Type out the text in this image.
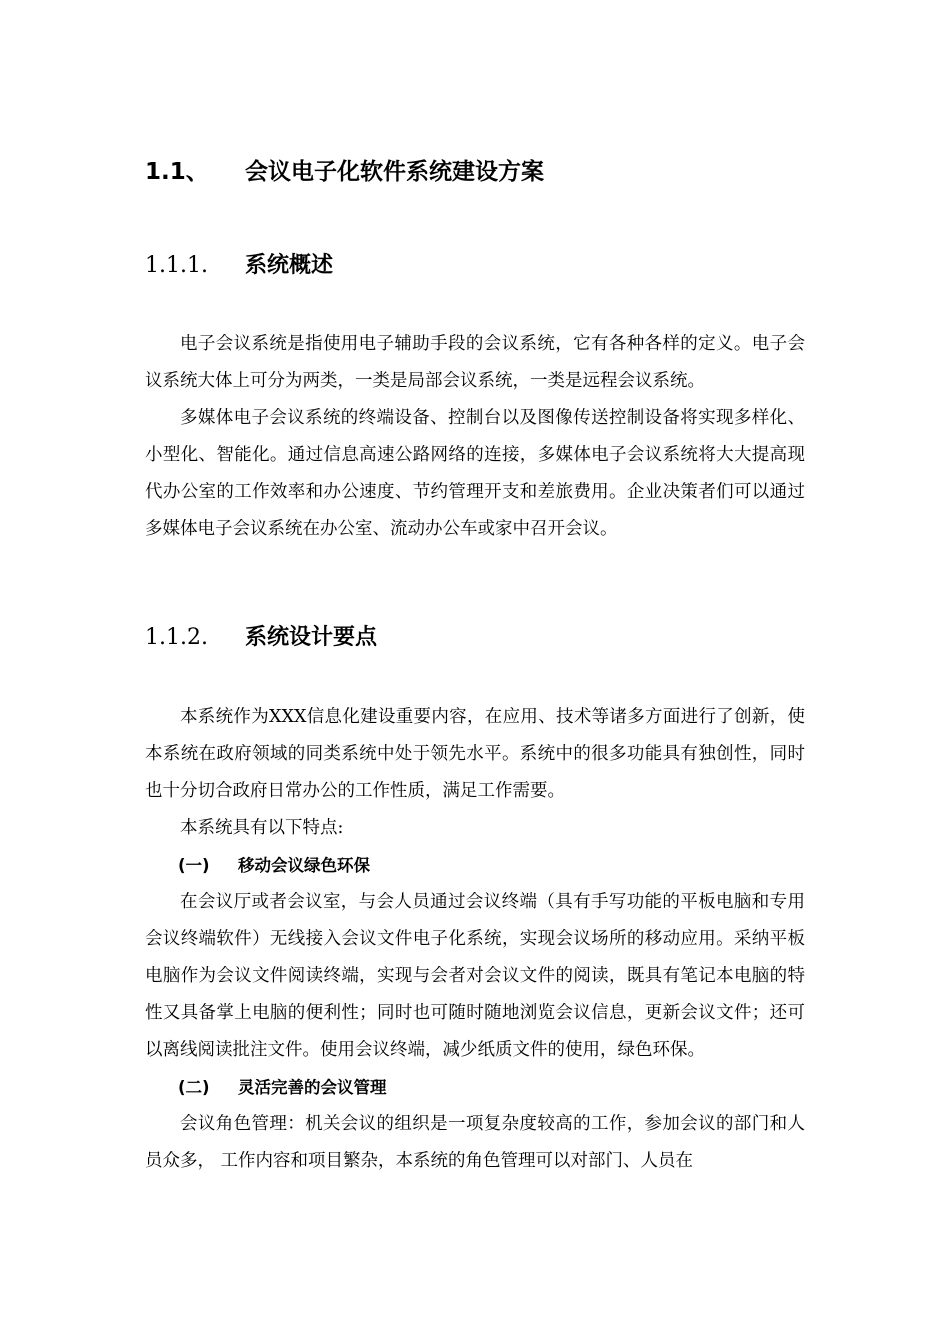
1.1、 会议电子化软件系统建设方案
1.1.1. 系统概述

电子会议系统是指使用电子辅助手段的会议系统，它有各种各样的定义。电子会议系统大体上可分为两类，一类是局部会议系统，一类是远程会议系统。

多媒体电子会议系统的终端设备、控制台以及图像传送控制设备将实现多样化、小型化、智能化。通过信息高速公路网络的连接，多媒体电子会议系统将大大提高现代办公室的工作效率和办公速度、节约管理开支和差旅费用。企业决策者们可以通过多媒体电子会议系统在办公室、流动办公车或家中召开会议。

1.1.2. 系统设计要点

本系统作为XXX信息化建设重要内容，在应用、技术等诸多方面进行了创新，使本系统在政府领域的同类系统中处于领先水平。系统中的很多功能具有独创性，同时也十分切合政府日常办公的工作性质，满足工作需要。

本系统具有以下特点:

(一) 移动会议绿色环保

在会议厅或者会议室，与会人员通过会议终端（具有手写功能的平板电脑和专用会议终端软件）无线接入会议文件电子化系统，实现会议场所的移动应用。采纳平板电脑作为会议文件阅读终端，实现与会者对会议文件的阅读，既具有笔记本电脑的特性又具备掌上电脑的便利性；同时也可随时随地浏览会议信息，更新会议文件；还可以离线阅读批注文件。使用会议终端，减少纸质文件的使用，绿色环保。

(二) 灵活完善的会议管理

会议角色管理：机关会议的组织是一项复杂度较高的工作，参加会议的部门和人员众多， 工作内容和项目繁杂，本系统的角色管理可以对部门、人员在
